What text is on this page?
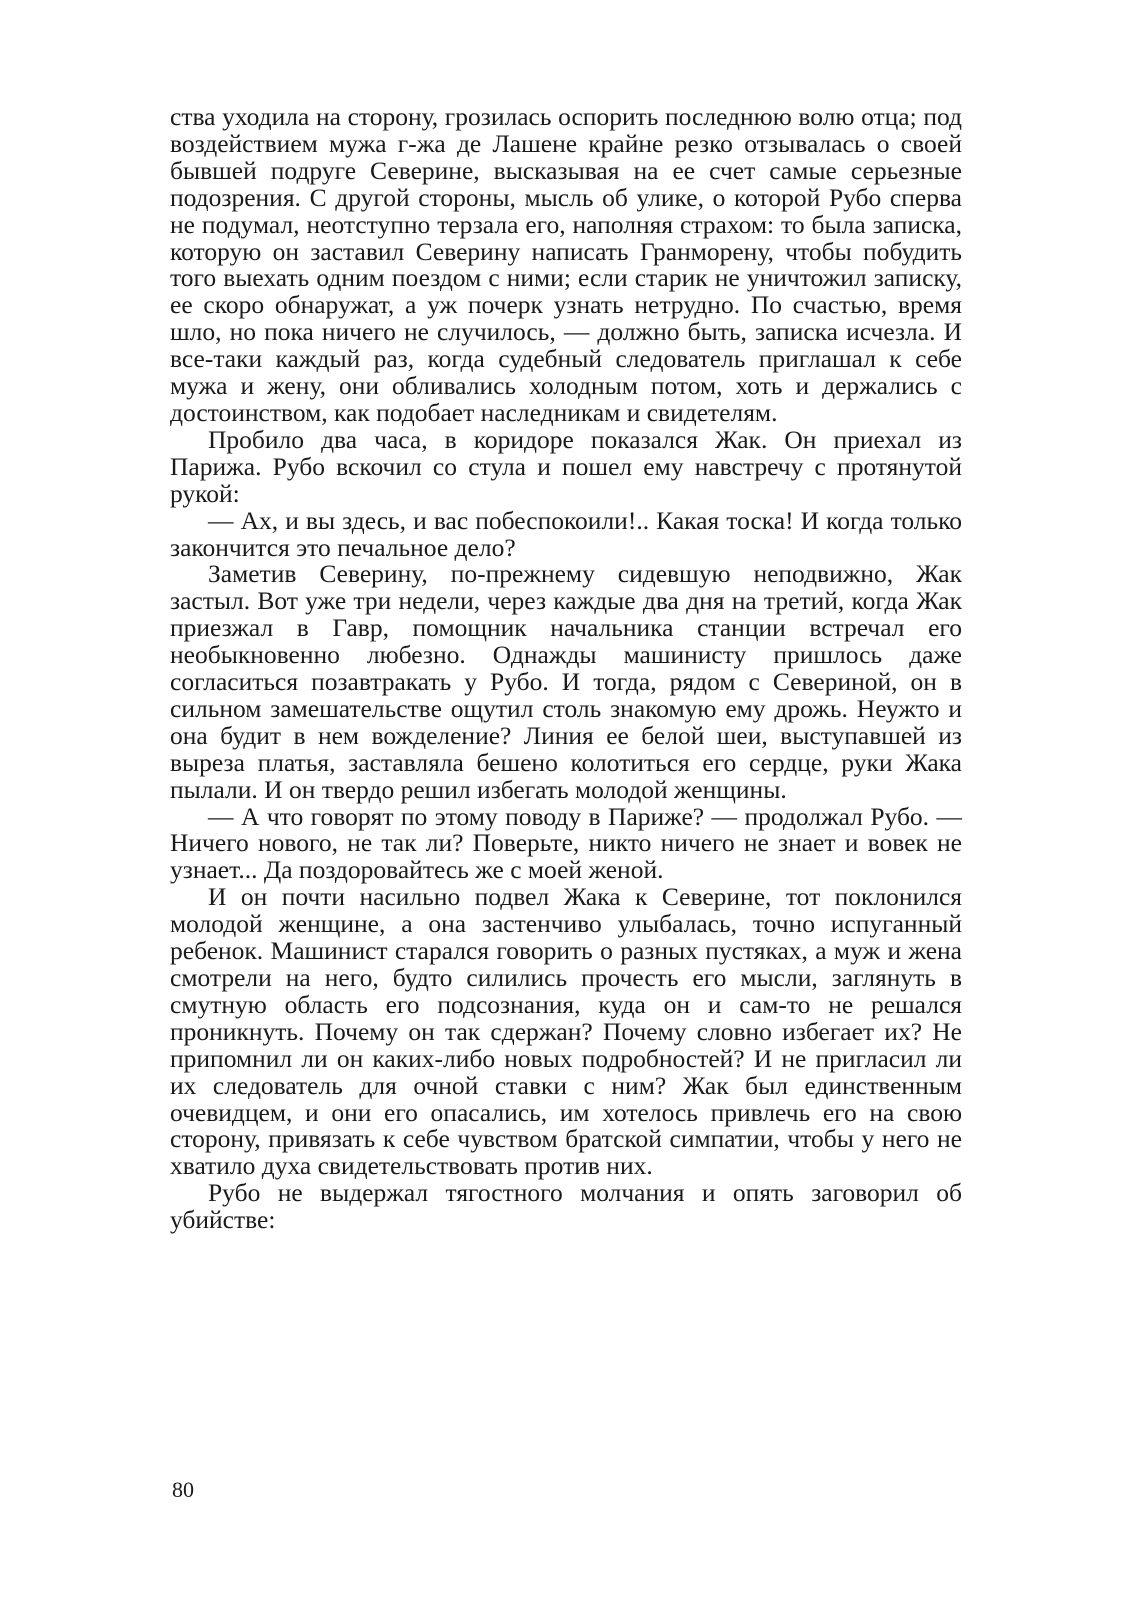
ства уходила на сторону, грозилась оспорить последнюю волю отца; под воздействием мужа г-жа де Лашене крайне резко отзывалась о своей бывшей подруге Северине, высказывая на ее счет самые серьезные подозрения. С другой стороны, мысль об улике, о которой Рубо сперва не подумал, неотступно терзала его, наполняя страхом: то была записка, которую он заставил Северину написать Гранморену, чтобы побудить того выехать одним поездом с ними; если старик не уничтожил записку, ее скоро обнаружат, а уж почерк узнать нетрудно. По счастью, время шло, но пока ничего не случилось, — должно быть, записка исчезла. И все-таки каждый раз, когда судебный следователь приглашал к себе мужа и жену, они обливались холодным потом, хоть и держались с достоинством, как подобает наследникам и свидетелям.

Пробило два часа, в коридоре показался Жак. Он приехал из Парижа. Рубо вскочил со стула и пошел ему навстречу с протянутой рукой:

— Ах, и вы здесь, и вас побеспокоили!.. Какая тоска! И когда только закончится это печальное дело?

Заметив Северину, по-прежнему сидевшую неподвижно, Жак застыл. Вот уже три недели, через каждые два дня на третий, когда Жак приезжал в Гавр, помощник начальника станции встречал его необыкновенно любезно. Однажды машинисту пришлось даже согласиться позавтракать у Рубо. И тогда, рядом с Севериной, он в сильном замешательстве ощутил столь знакомую ему дрожь. Неужто и она будит в нем вожделение? Линия ее белой шеи, выступавшей из выреза платья, заставляла бешено колотиться его сердце, руки Жака пылали. И он твердо решил избегать молодой женщины.

— А что говорят по этому поводу в Париже? — продолжал Рубо. — Ничего нового, не так ли? Поверьте, никто ничего не знает и вовек не узнает... Да поздоровайтесь же с моей женой.

И он почти насильно подвел Жака к Северине, тот поклонился молодой женщине, а она застенчиво улыбалась, точно испуганный ребенок. Машинист старался говорить о разных пустяках, а муж и жена смотрели на него, будто силились прочесть его мысли, заглянуть в смутную область его подсознания, куда он и сам-то не решался проникнуть. Почему он так сдержан? Почему словно избегает их? Не припомнил ли он каких-либо новых подробностей? И не пригласил ли их следователь для очной ставки с ним? Жак был единственным очевидцем, и они его опасались, им хотелось привлечь его на свою сторону, привязать к себе чувством братской симпатии, чтобы у него не хватило духа свидетельствовать против них.

Рубо не выдержал тягостного молчания и опять заговорил об убийстве:

80
